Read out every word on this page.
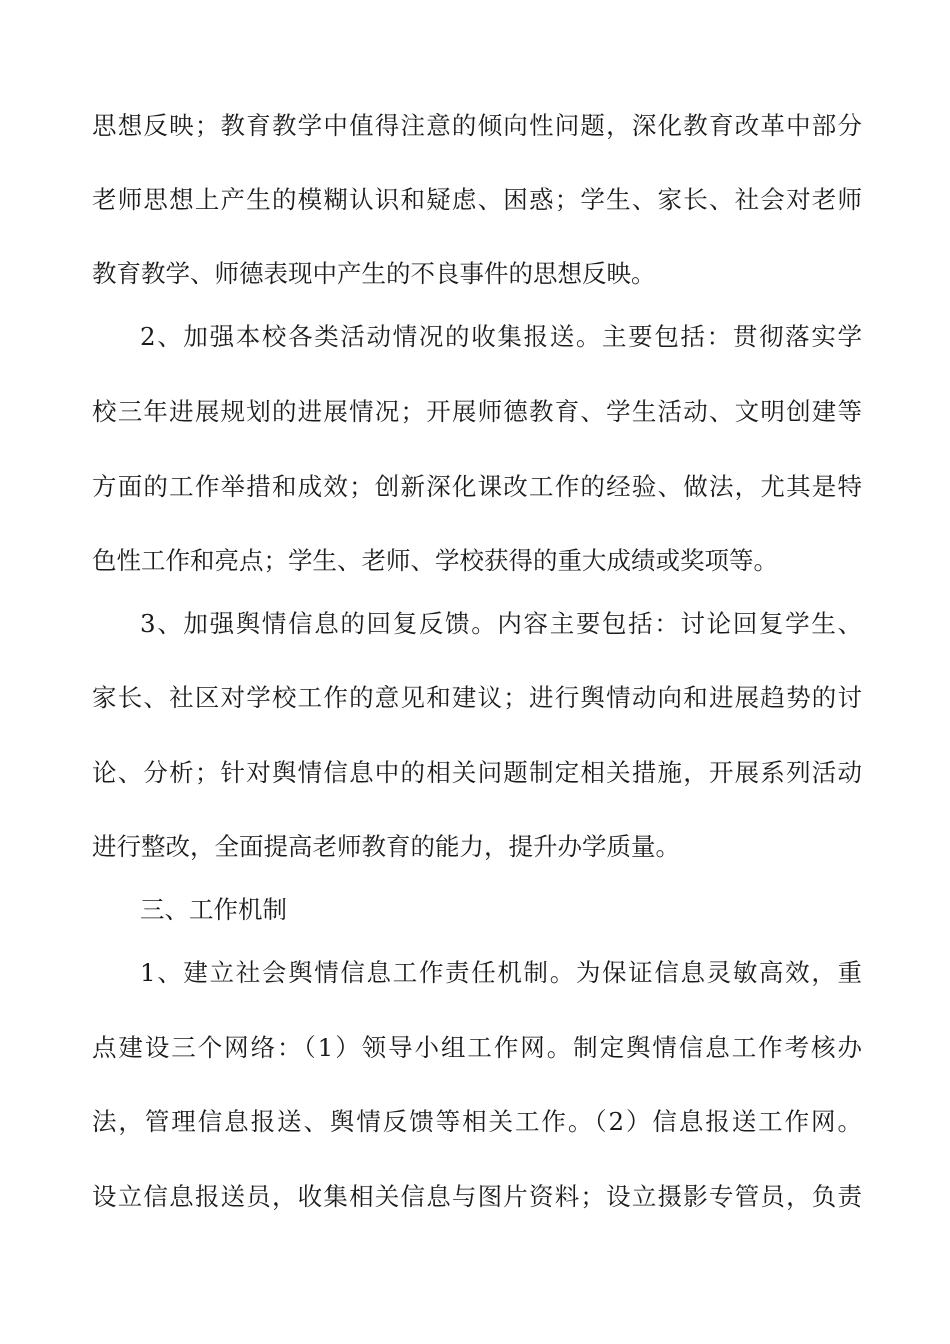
思想反映；教育教学中值得注意的倾向性问题，深化教育改革中部分
老师思想上产生的模糊认识和疑虑、困惑；学生、家长、社会对老师
教育教学、师德表现中产生的不良事件的思想反映。
2、加强本校各类活动情况的收集报送。主要包括：贯彻落实学
校三年进展规划的进展情况；开展师德教育、学生活动、文明创建等
方面的工作举措和成效；创新深化课改工作的经验、做法，尤其是特
色性工作和亮点；学生、老师、学校获得的重大成绩或奖项等。
3、加强舆情信息的回复反馈。内容主要包括：讨论回复学生、
家长、社区对学校工作的意见和建议；进行舆情动向和进展趋势的讨
论、分析；针对舆情信息中的相关问题制定相关措施，开展系列活动
进行整改，全面提高老师教育的能力，提升办学质量。
三、工作机制
1、建立社会舆情信息工作责任机制。为保证信息灵敏高效，重
点建设三个网络：（1）领导小组工作网。制定舆情信息工作考核办
法，管理信息报送、舆情反馈等相关工作。（2）信息报送工作网。
设立信息报送员，收集相关信息与图片资料；设立摄影专管员，负责
